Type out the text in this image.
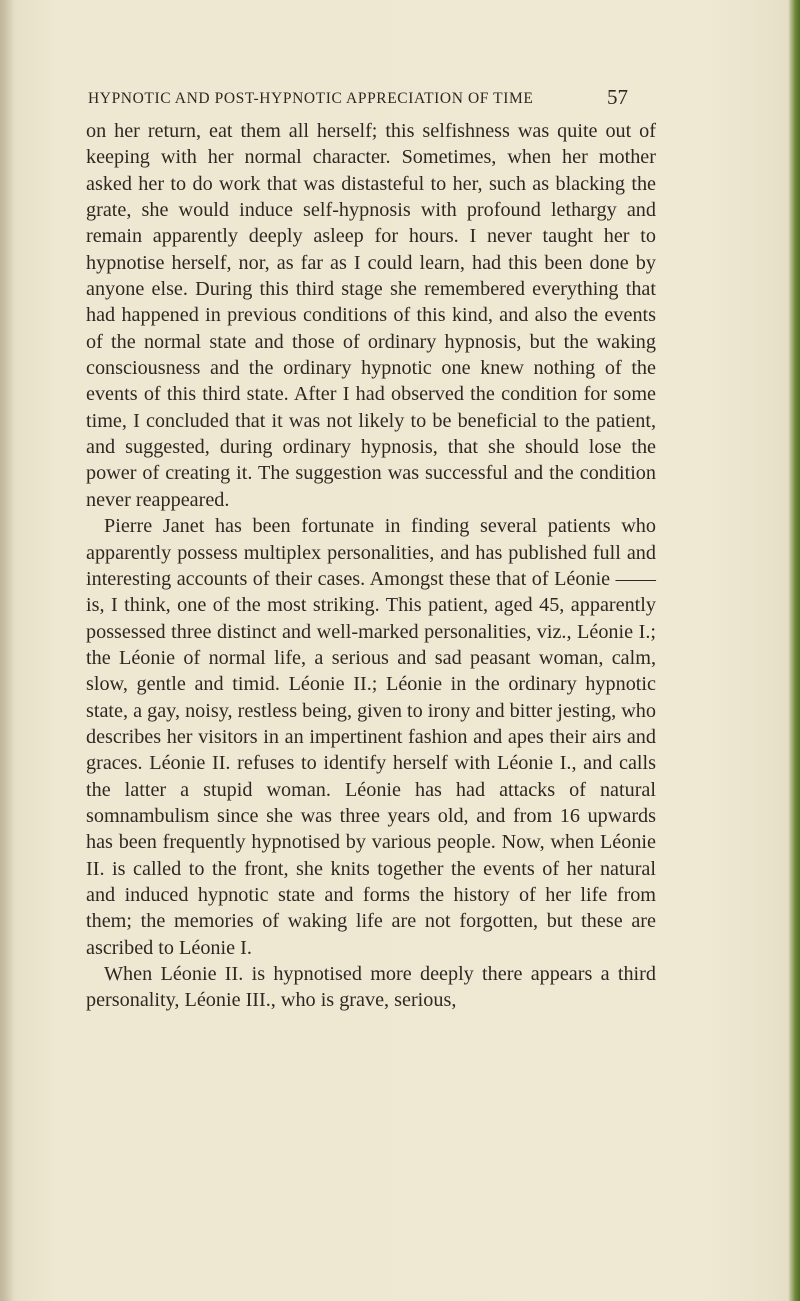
HYPNOTIC AND POST-HYPNOTIC APPRECIATION OF TIME	57

on her return, eat them all herself; this selfishness was quite out of keeping with her normal character. Sometimes, when her mother asked her to do work that was distasteful to her, such as blacking the grate, she would induce self-hypnosis with profound lethargy and remain apparently deeply asleep for hours. I never taught her to hypnotise herself, nor, as far as I could learn, had this been done by anyone else. During this third stage she remembered everything that had happened in previous conditions of this kind, and also the events of the normal state and those of ordinary hypnosis, but the waking consciousness and the ordinary hypnotic one knew nothing of the events of this third state. After I had observed the condition for some time, I concluded that it was not likely to be beneficial to the patient, and suggested, during ordinary hypnosis, that she should lose the power of creating it. The suggestion was successful and the condition never reappeared.

Pierre Janet has been fortunate in finding several patients who apparently possess multiplex personalities, and has published full and interesting accounts of their cases. Amongst these that of Léonie —— is, I think, one of the most striking. This patient, aged 45, apparently possessed three distinct and well-marked personalities, viz., Léonie I.; the Léonie of normal life, a serious and sad peasant woman, calm, slow, gentle and timid. Léonie II.; Léonie in the ordinary hypnotic state, a gay, noisy, restless being, given to irony and bitter jesting, who describes her visitors in an impertinent fashion and apes their airs and graces. Léonie II. refuses to identify herself with Léonie I., and calls the latter a stupid woman. Léonie has had attacks of natural somnambulism since she was three years old, and from 16 upwards has been frequently hypnotised by various people. Now, when Léonie II. is called to the front, she knits together the events of her natural and induced hypnotic state and forms the history of her life from them; the memories of waking life are not forgotten, but these are ascribed to Léonie I.

When Léonie II. is hypnotised more deeply there appears a third personality, Léonie III., who is grave, serious,
